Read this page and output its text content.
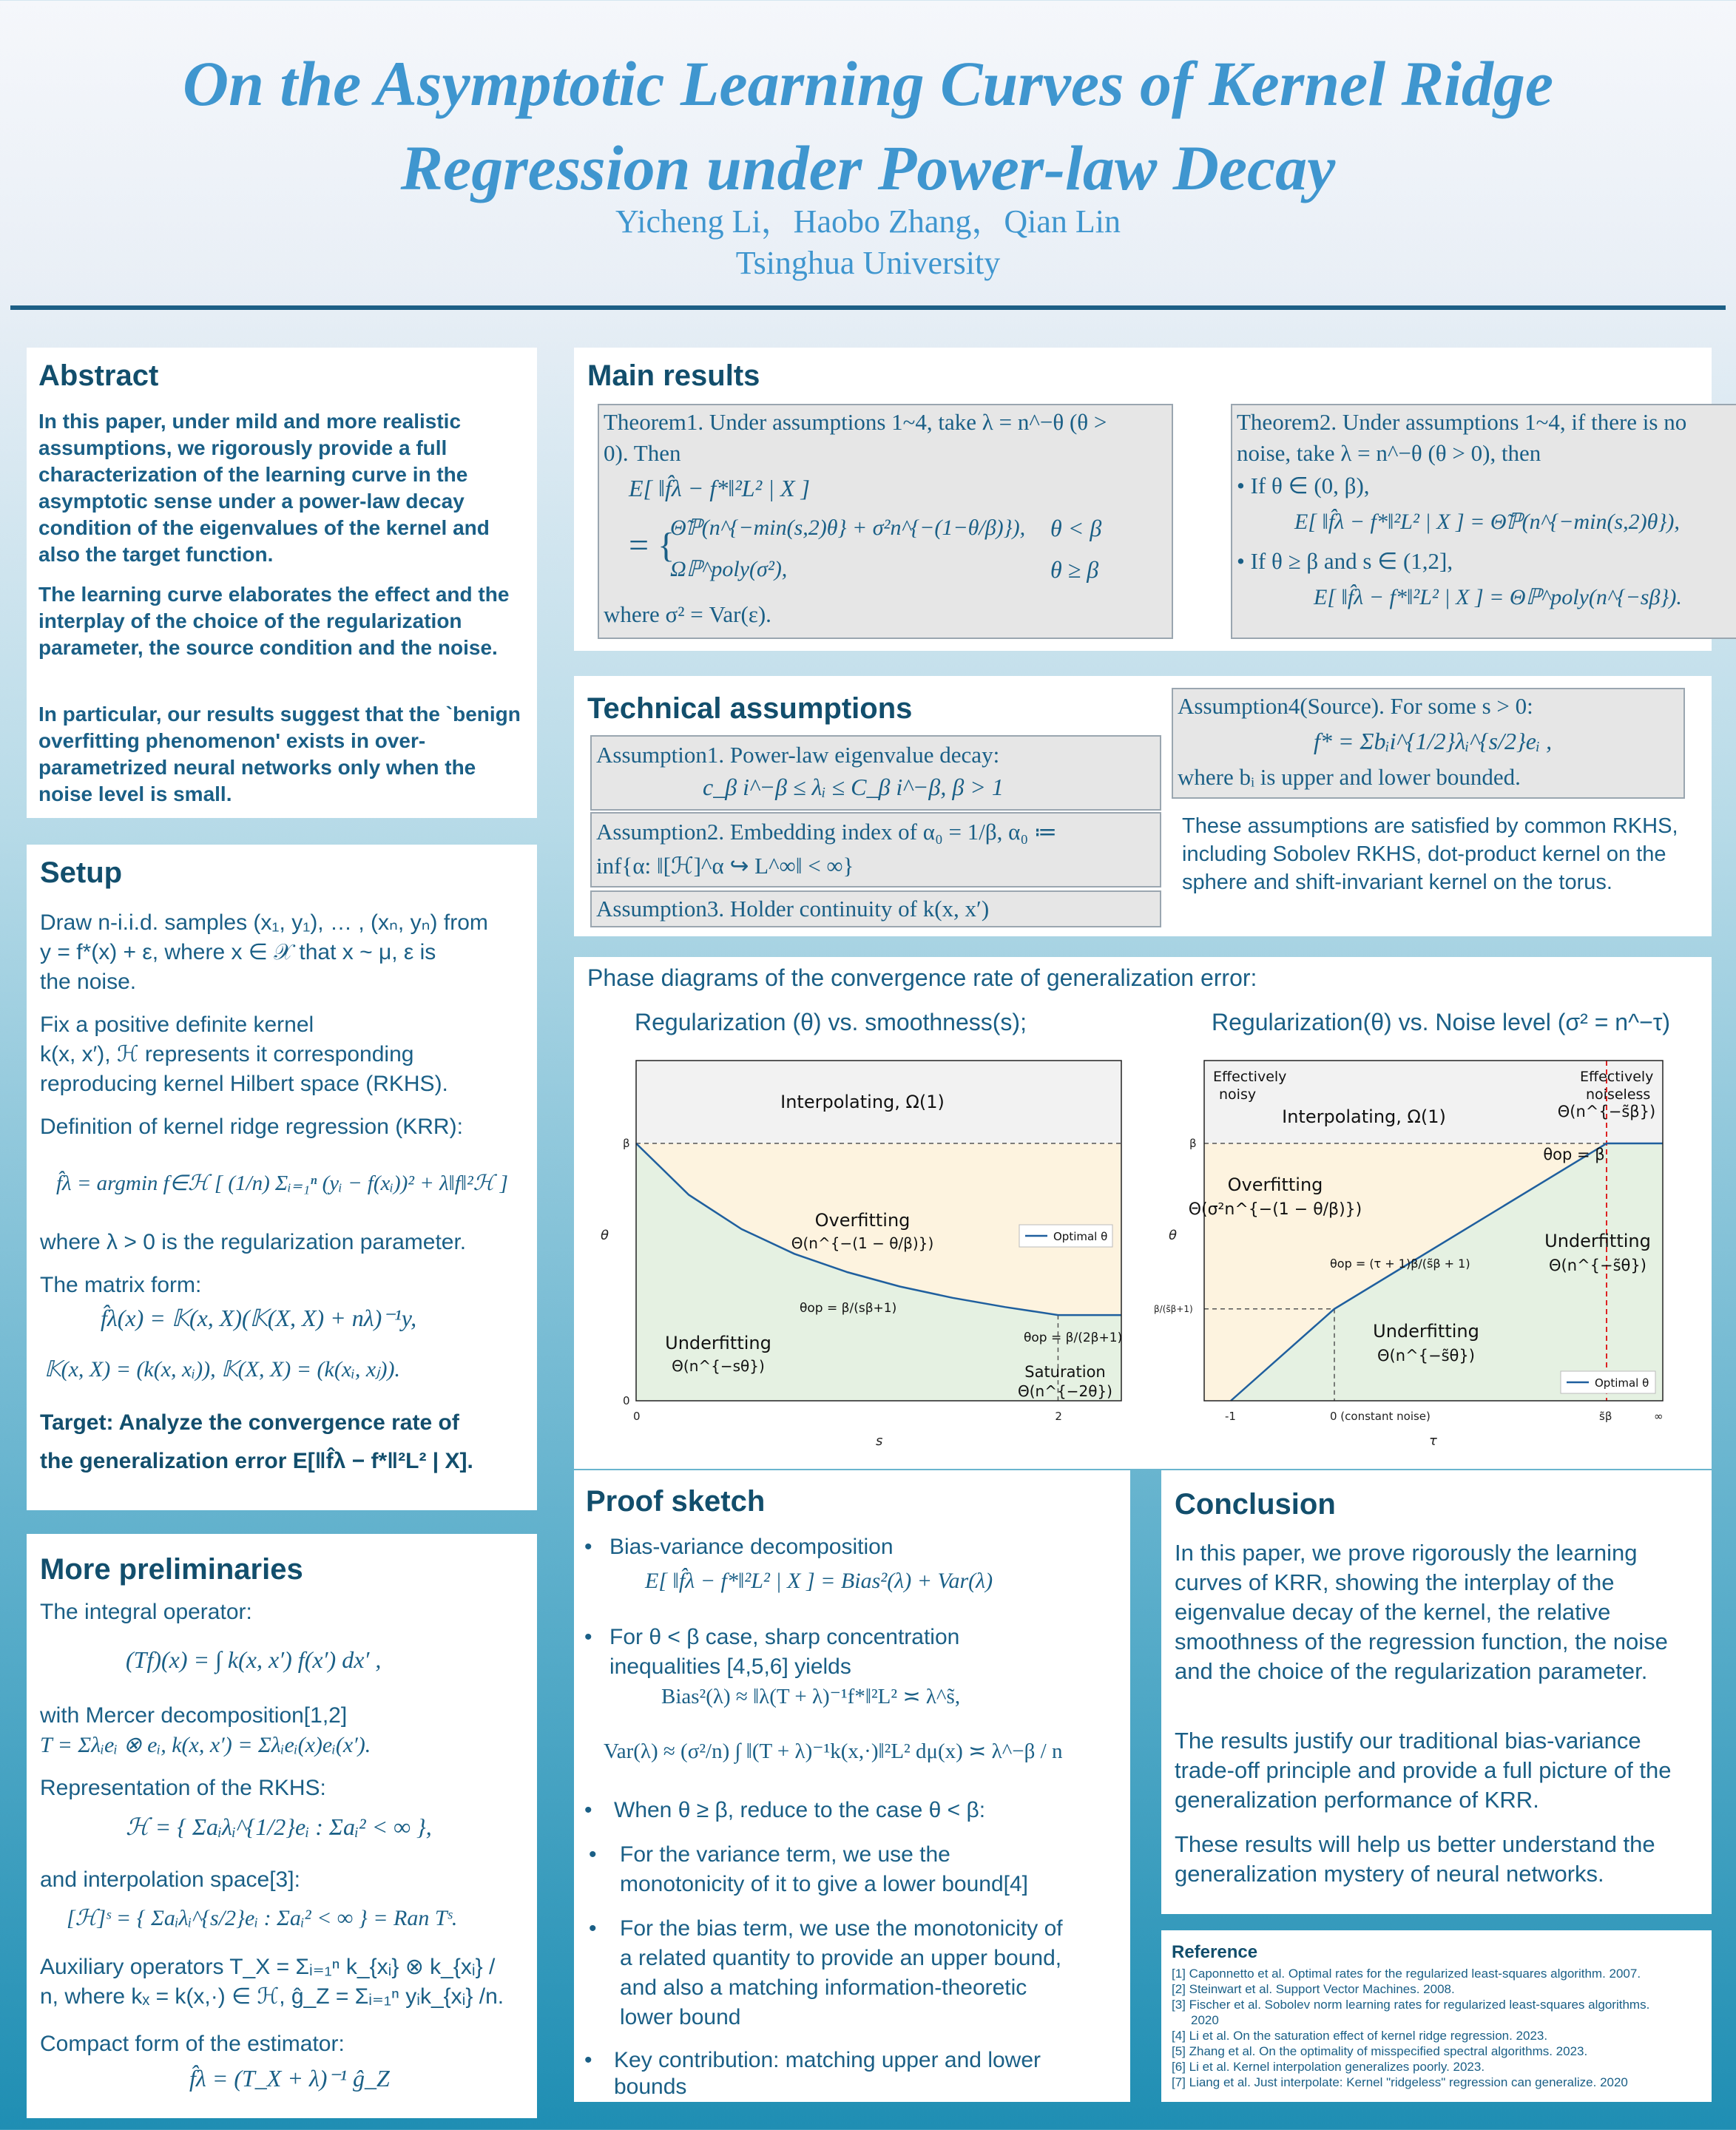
On the Asymptotic Learning Curves of Kernel Ridge
Regression under Power-law Decay
Yicheng Li，Haobo Zhang，Qian Lin
Tsinghua University
Abstract
In this paper, under mild and more realistic assumptions, we rigorously provide a full characterization of the learning curve in the asymptotic sense under a power-law decay condition of the eigenvalues of the kernel and also the target function.
The learning curve elaborates the effect and the interplay of the choice of the regularization parameter, the source condition and the noise.
In particular, our results suggest that the `benign overfitting phenomenon' exists in over-parametrized neural networks only when the noise level is small.
Setup
Draw n-i.i.d. samples (x₁, y₁), … , (xₙ, yₙ) from
y = f*(x) + ε, where x ∈ 𝒳 that x ~ μ, ε is
the noise.
Fix a positive definite kernel
k(x, x′), ℋ represents it corresponding
reproducing kernel Hilbert space (RKHS).
Definition of kernel ridge regression (KRR):
f̂λ = argmin f∈ℋ [ (1/n) Σᵢ₌₁ⁿ (yᵢ − f(xᵢ))² + λ‖f‖²ℋ ]
where λ > 0 is the regularization parameter.
The matrix form:
f̂λ(x) = 𝕂(x, X)(𝕂(X, X) + nλ)⁻¹y,
𝕂(x, X) = (k(x, xᵢ)), 𝕂(X, X) = (k(xᵢ, xⱼ)).
Target: Analyze the convergence rate of
the generalization error E[‖f̂λ − f*‖²L² | X].
More preliminaries
The integral operator:
(Tf)(x) = ∫ k(x, x′) f(x′) dx′ ,
with Mercer decomposition[1,2]
T = Σλᵢeᵢ ⊗ eᵢ, k(x, x′) = Σλᵢeᵢ(x)eᵢ(x′).
Representation of the RKHS:
ℋ = { Σaᵢλᵢ^{1/2}eᵢ : Σaᵢ² < ∞ },
and interpolation space[3]:
[ℋ]ˢ = { Σaᵢλᵢ^{s/2}eᵢ : Σaᵢ² < ∞ } = Ran Tˢ.
Auxiliary operators T_X = Σᵢ₌₁ⁿ k_{xᵢ} ⊗ k_{xᵢ} /
n, where kₓ = k(x,·) ∈ ℋ, ĝ_Z = Σᵢ₌₁ⁿ yᵢk_{xᵢ} /n.
Compact form of the estimator:
f̂λ = (T_X + λ)⁻¹ ĝ_Z
Main results
Theorem1. Under assumptions 1~4, take λ = n^−θ (θ >
0). Then
E[ ‖f̂λ − f*‖²L² | X ]
= {
Θ̃ℙ(n^{−min(s,2)θ} + σ²n^{−(1−θ/β)}), θ < β
Ωℙ^poly(σ²),	θ ≥ β
where σ² = Var(ε).
Theorem2. Under assumptions 1~4, if there is no
noise, take λ = n^−θ (θ > 0), then
• If θ ∈ (0, β),
E[ ‖f̂λ − f*‖²L² | X ] = Θ̃ℙ(n^{−min(s,2)θ}),
• If θ ≥ β and s ∈ (1,2],
E[ ‖f̂λ − f*‖²L² | X ] = Θℙ^poly(n^{−sβ}).
Technical assumptions
Assumption1. Power-law eigenvalue decay:
c_β i^−β ≤ λᵢ ≤ C_β i^−β, β > 1
Assumption2. Embedding index of α₀ = 1/β, α₀ ≔
inf{α: ‖[ℋ]^α ↪ L^∞‖ < ∞}
Assumption3. Holder continuity of k(x, x′)
Assumption4(Source). For some s > 0:
f* = Σbᵢi^{1/2}λᵢ^{s/2}eᵢ ,
where bᵢ is upper and lower bounded.
These assumptions are satisfied by common RKHS, including Sobolev RKHS, dot-product kernel on the sphere and shift-invariant kernel on the torus.
Phase diagrams of the convergence rate of generalization error:
Regularization (θ) vs. smoothness(s);	Regularization(θ) vs. Noise level (σ² = n^−τ)
β
0
0	2
s
θ
Interpolating, Ω(1)
Overfitting
Θ(n^{−(1 − θ/β)})
Underfitting
Θ(n^{−sθ})	Saturation
Θ(n^{−2θ})
θop = β/(sβ+1)
θop = β/(2β+1)
Optimal θ
β
β/(s̃β+1)
-1	0 (constant noise)	s̃β	∞
τ
θ
Effectively
noisy
Effectively
noiseless
Interpolating, Ω(1)
Overfitting
Θ(σ²n^{−(1 − θ/β)})
Θ(n^{−s̃β})
θop = β
Underfitting
Θ(n^{−s̃θ})
Underfitting
Θ(n^{−s̃θ})
θop = (τ + 1)β/(s̃β + 1)
Optimal θ
Proof sketch
• Bias-variance decomposition
E[ ‖f̂λ − f*‖²L² | X ] = Bias²(λ) + Var(λ)
• For θ < β case, sharp concentration
inequalities [4,5,6] yields
Bias²(λ) ≈ ‖λ(T + λ)⁻¹f*‖²L² ≍ λ^s̃,
Var(λ) ≈ (σ²/n) ∫ ‖(T + λ)⁻¹k(x,·)‖²L² dμ(x) ≍ λ^−β / n
• When θ ≥ β, reduce to the case θ < β:
• For the variance term, we use the
monotonicity of it to give a lower bound[4]
• For the bias term, we use the monotonicity of
a related quantity to provide an upper bound,
and also a matching information-theoretic
lower bound
• Key contribution: matching upper and lower
bounds
Conclusion
In this paper, we prove rigorously the learning curves of KRR, showing the interplay of the eigenvalue decay of the kernel, the relative smoothness of the regression function, the noise and the choice of the regularization parameter.
The results justify our traditional bias-variance trade-off principle and provide a full picture of the generalization performance of KRR.
These results will help us better understand the generalization mystery of neural networks.
Reference
[1] Caponnetto et al. Optimal rates for the regularized least-squares algorithm. 2007.
[2] Steinwart et al. Support Vector Machines. 2008.
[3] Fischer et al. Sobolev norm learning rates for regularized least-squares algorithms.
2020
[4] Li et al. On the saturation effect of kernel ridge regression. 2023.
[5] Zhang et al. On the optimality of misspecified spectral algorithms. 2023.
[6] Li et al. Kernel interpolation generalizes poorly. 2023.
[7] Liang et al. Just interpolate: Kernel "ridgeless" regression can generalize. 2020
